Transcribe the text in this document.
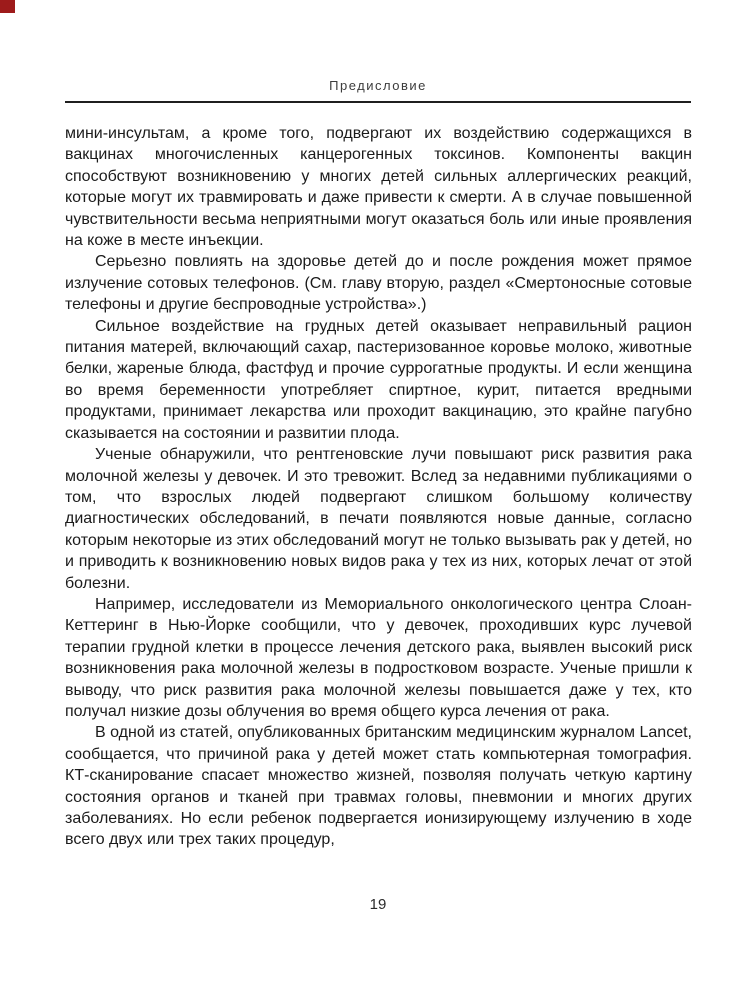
Предисловие

мини-инсультам, а кроме того, подвергают их воздействию содержащихся в вакцинах многочисленных канцерогенных токсинов. Компоненты вакцин способствуют возникновению у многих детей сильных аллергических реакций, которые могут их травмировать и даже привести к смерти. А в случае повышенной чувствительности весьма неприятными могут оказаться боль или иные проявления на коже в месте инъекции.

Серьезно повлиять на здоровье детей до и после рождения может прямое излучение сотовых телефонов. (См. главу вторую, раздел «Смертоносные сотовые телефоны и другие беспроводные устройства».)

Сильное воздействие на грудных детей оказывает неправильный рацион питания матерей, включающий сахар, пастеризованное коровье молоко, животные белки, жареные блюда, фастфуд и прочие суррогатные продукты. И если женщина во время беременности употребляет спиртное, курит, питается вредными продуктами, принимает лекарства или проходит вакцинацию, это крайне пагубно сказывается на состоянии и развитии плода.

Ученые обнаружили, что рентгеновские лучи повышают риск развития рака молочной железы у девочек. И это тревожит. Вслед за недавними публикациями о том, что взрослых людей подвергают слишком большому количеству диагностических обследований, в печати появляются новые данные, согласно которым некоторые из этих обследований могут не только вызывать рак у детей, но и приводить к возникновению новых видов рака у тех из них, которых лечат от этой болезни.

Например, исследователи из Мемориального онкологического центра Слоан-Кеттеринг в Нью-Йорке сообщили, что у девочек, проходивших курс лучевой терапии грудной клетки в процессе лечения детского рака, выявлен высокий риск возникновения рака молочной железы в подростковом возрасте. Ученые пришли к выводу, что риск развития рака молочной железы повышается даже у тех, кто получал низкие дозы облучения во время общего курса лечения от рака.

В одной из статей, опубликованных британским медицинским журналом Lancet, сообщается, что причиной рака у детей может стать компьютерная томография. КТ-сканирование спасает множество жизней, позволяя получать четкую картину состояния органов и тканей при травмах головы, пневмонии и многих других заболеваниях. Но если ребенок подвергается ионизирующему излучению в ходе всего двух или трех таких процедур,

19
